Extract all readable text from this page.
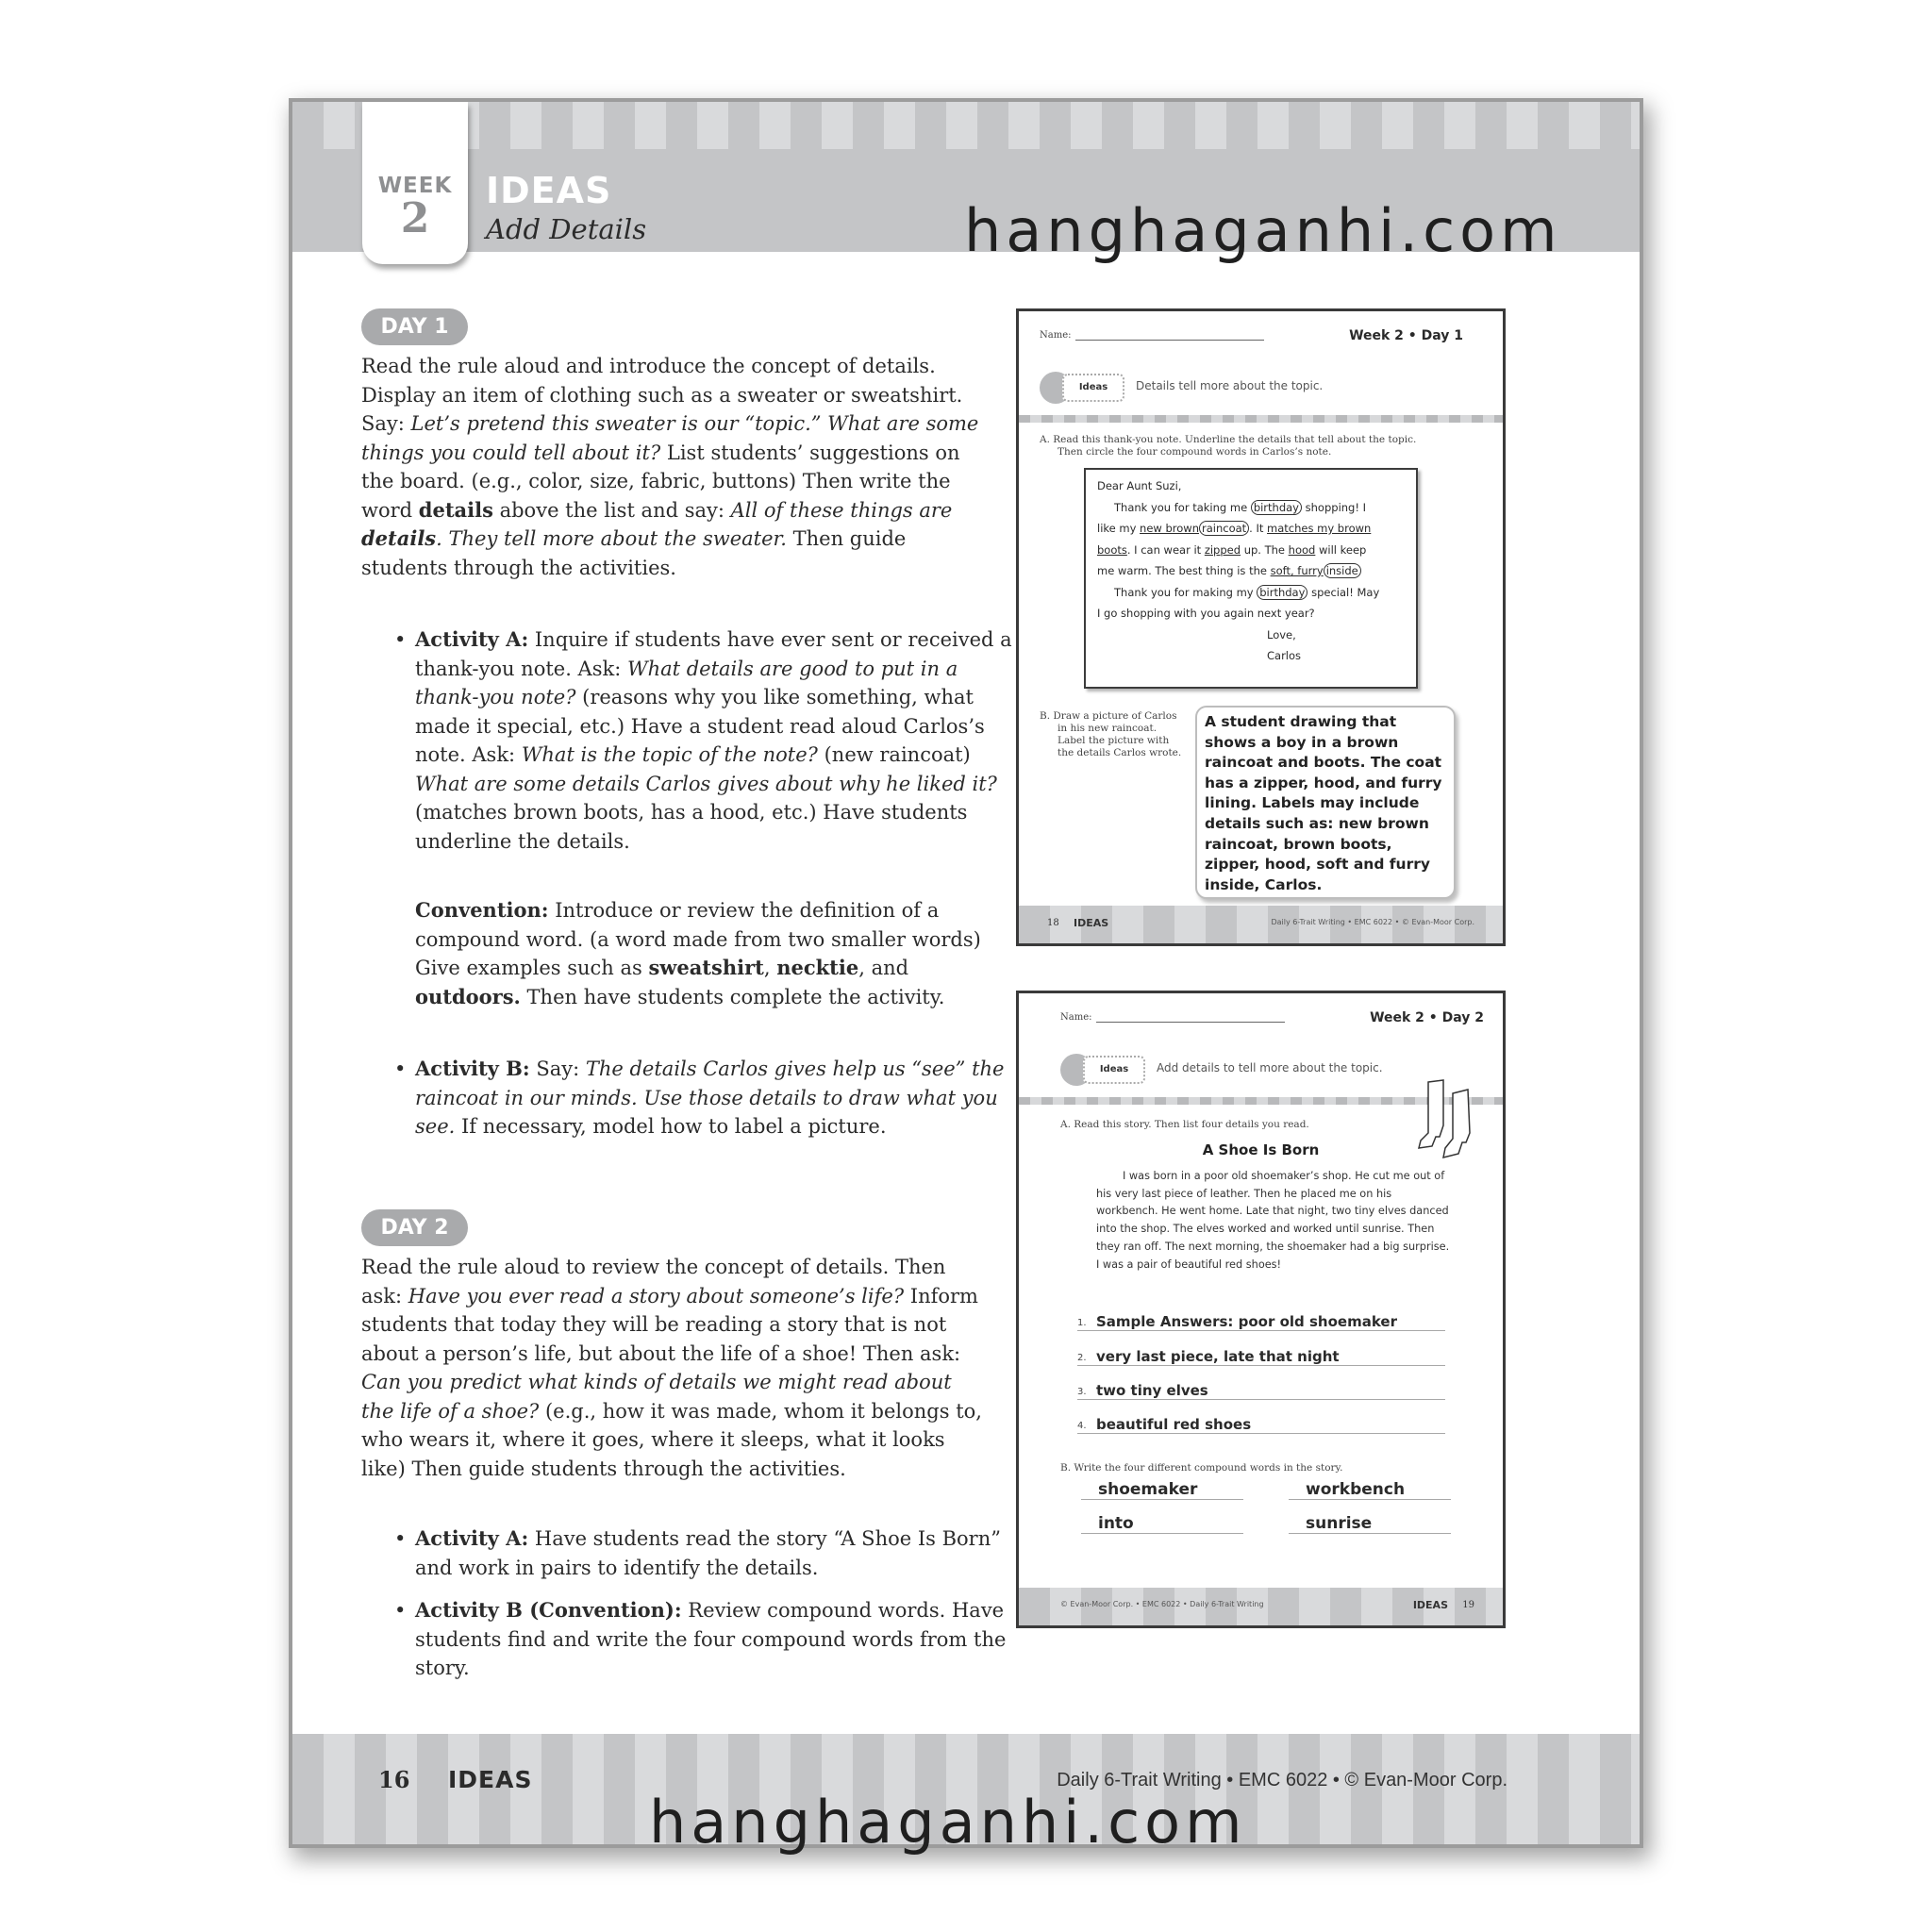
WEEK
2
IDEAS
Add Details
DAY 1

Read the rule aloud and introduce the concept of details. Display an item of clothing such as a sweater or sweatshirt. Say: Let’s pretend this sweater is our “topic.” What are some things you could tell about it? List students’ suggestions on the board. (e.g., color, size, fabric, buttons) Then write the word details above the list and say: All of these things are details. They tell more about the sweater. Then guide students through the activities.

• Activity A: Inquire if students have ever sent or received a thank-you note. Ask: What details are good to put in a thank-you note? (reasons why you like something, what made it special, etc.) Have a student read aloud Carlos’s note. Ask: What is the topic of the note? (new raincoat) What are some details Carlos gives about why he liked it? (matches brown boots, has a hood, etc.) Have students underline the details.
Convention: Introduce or review the definition of a compound word. (a word made from two smaller words) Give examples such as sweatshirt, necktie, and outdoors. Then have students complete the activity.
• Activity B: Say: The details Carlos gives help us “see” the raincoat in our minds. Use those details to draw what you see. If necessary, model how to label a picture.
DAY 2

Read the rule aloud to review the concept of details. Then ask: Have you ever read a story about someone’s life? Inform students that today they will be reading a story that is not about a person’s life, but about the life of a shoe! Then ask: Can you predict what kinds of details we might read about the life of a shoe? (e.g., how it was made, whom it belongs to, who wears it, where it goes, where it sleeps, what it looks like) Then guide students through the activities.

• Activity A: Have students read the story “A Shoe Is Born” and work in pairs to identify the details.
• Activity B (Convention): Review compound words. Have students find and write the four compound words from the story.
Name:	Week 2 • Day 1
Ideas	Details tell more about the topic.
A. Read this thank-you note. Underline the details that tell about the topic.
Then circle the four compound words in Carlos’s note.

Dear Aunt Suzi,

Thank you for taking me birthday shopping! I

like my new brown raincoat . It matches my brown

boots. I can wear it zipped up. The hood will keep

me warm. The best thing is the soft, furry inside

Thank you for making my birthday special! May

I go shopping with you again next year?

Love,

Carlos

B. Draw a picture of Carlos
in his new raincoat.
Label the picture with
the details Carlos wrote.
A student drawing that shows a boy in a brown raincoat and boots. The coat has a zipper, hood, and furry lining. Labels may include details such as: new brown raincoat, brown boots, zipper, hood, soft and furry inside, Carlos.
18 IDEAS	Daily 6-Trait Writing • EMC 6022 • © Evan-Moor Corp.
Name:	Week 2 • Day 2
Ideas	Add details to tell more about the topic.
A. Read this story. Then list four details you read.
A Shoe Is Born

I was born in a poor old shoemaker’s shop. He cut me out of his very last piece of leather. Then he placed me on his workbench. He went home. Late that night, two tiny elves danced into the shop. The elves worked and worked until sunrise. Then they ran off. The next morning, the shoemaker had a big surprise. I was a pair of beautiful red shoes!

1. Sample Answers: poor old shoemaker
2. very last piece, late that night
3. two tiny elves
4. beautiful red shoes
B. Write the four different compound words in the story.
shoemaker	workbench
into	sunrise
© Evan-Moor Corp. • EMC 6022 • Daily 6-Trait Writing	IDEAS 19
16 IDEAS	Daily 6-Trait Writing • EMC 6022 • © Evan-Moor Corp.
hanghaganhi.com
hanghaganhi.com
